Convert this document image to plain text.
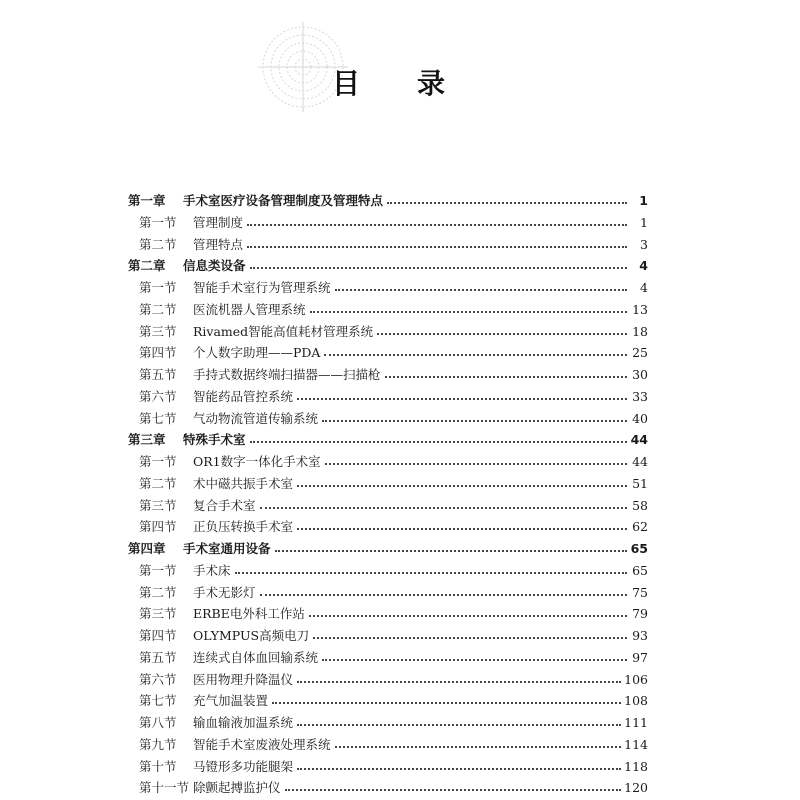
目 录
第一章	手术室医疗设备管理制度及管理特点	1
第一节	管理制度	1
第二节	管理特点	3
第二章	信息类设备	4
第一节	智能手术室行为管理系统	4
第二节	医流机器人管理系统	13
第三节	Rivamed智能高值耗材管理系统	18
第四节	个人数字助理——PDA	25
第五节	手持式数据终端扫描器——扫描枪	30
第六节	智能药品管控系统	33
第七节	气动物流管道传输系统	40
第三章	特殊手术室	44
第一节	OR1数字一体化手术室	44
第二节	术中磁共振手术室	51
第三节	复合手术室	58
第四节	正负压转换手术室	62
第四章	手术室通用设备	65
第一节	手术床	65
第二节	手术无影灯	75
第三节	ERBE电外科工作站	79
第四节	OLYMPUS高频电刀	93
第五节	连续式自体血回输系统	97
第六节	医用物理升降温仪	106
第七节	充气加温装置	108
第八节	输血输液加温系统	111
第九节	智能手术室废液处理系统	114
第十节	马镫形多功能腿架	118
第十一节 除颤起搏监护仪	120
